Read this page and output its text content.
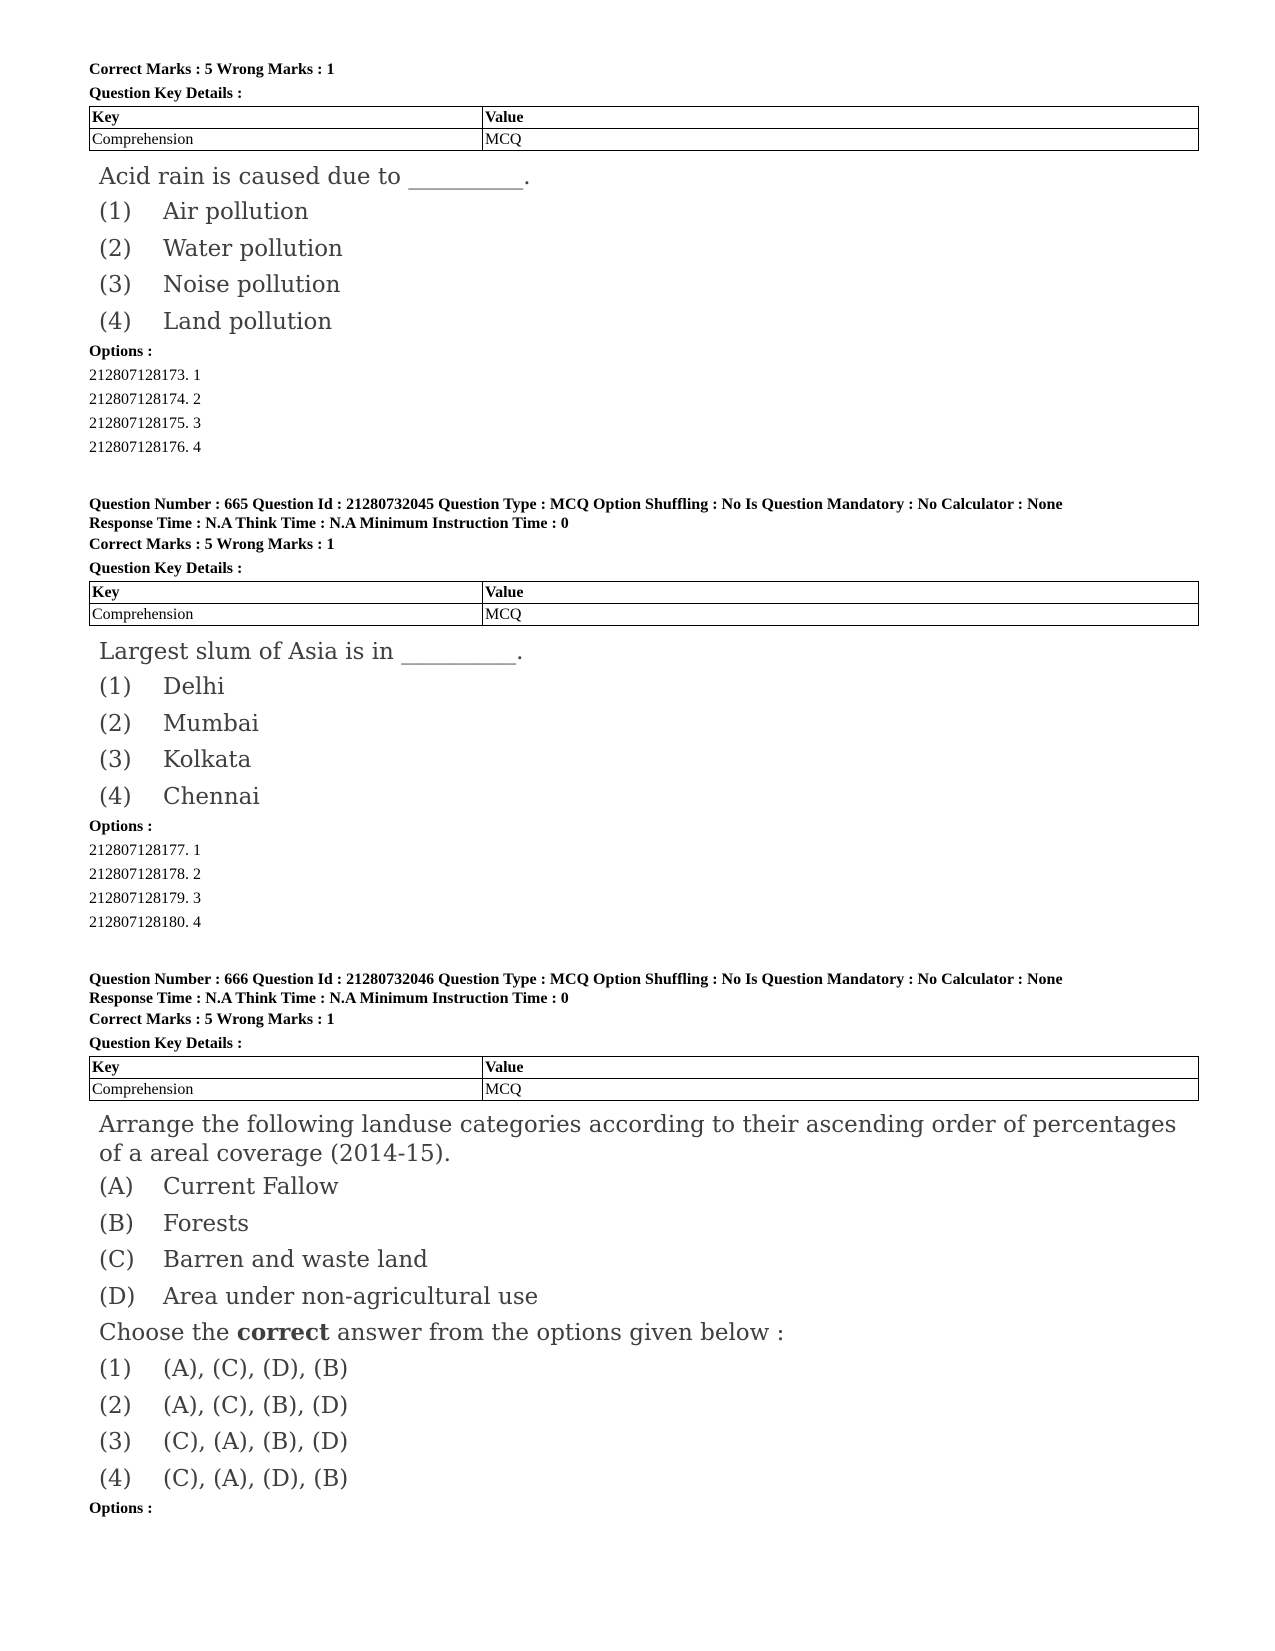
Correct Marks : 5 Wrong Marks : 1
Question Key Details :
Key	Value
Comprehension	MCQ
Acid rain is caused due to __________.
(1)	Air pollution
(2)	Water pollution
(3)	Noise pollution
(4)	Land pollution
Options :
212807128173. 1
212807128174. 2
212807128175. 3
212807128176. 4
Question Number : 665 Question Id : 21280732045 Question Type : MCQ Option Shuffling : No Is Question Mandatory : No Calculator : None
Response Time : N.A Think Time : N.A Minimum Instruction Time : 0
Correct Marks : 5 Wrong Marks : 1
Question Key Details :
Key	Value
Comprehension	MCQ
Largest slum of Asia is in __________.
(1)	Delhi
(2)	Mumbai
(3)	Kolkata
(4)	Chennai
Options :
212807128177. 1
212807128178. 2
212807128179. 3
212807128180. 4
Question Number : 666 Question Id : 21280732046 Question Type : MCQ Option Shuffling : No Is Question Mandatory : No Calculator : None
Response Time : N.A Think Time : N.A Minimum Instruction Time : 0
Correct Marks : 5 Wrong Marks : 1
Question Key Details :
Key	Value
Comprehension	MCQ
Arrange the following landuse categories according to their ascending order of percentages of a areal coverage (2014-15).
(A)	Current Fallow
(B)	Forests
(C)	Barren and waste land
(D)	Area under non-agricultural use
Choose the correct answer from the options given below :
(1)	(A), (C), (D), (B)
(2)	(A), (C), (B), (D)
(3)	(C), (A), (B), (D)
(4)	(C), (A), (D), (B)
Options :
